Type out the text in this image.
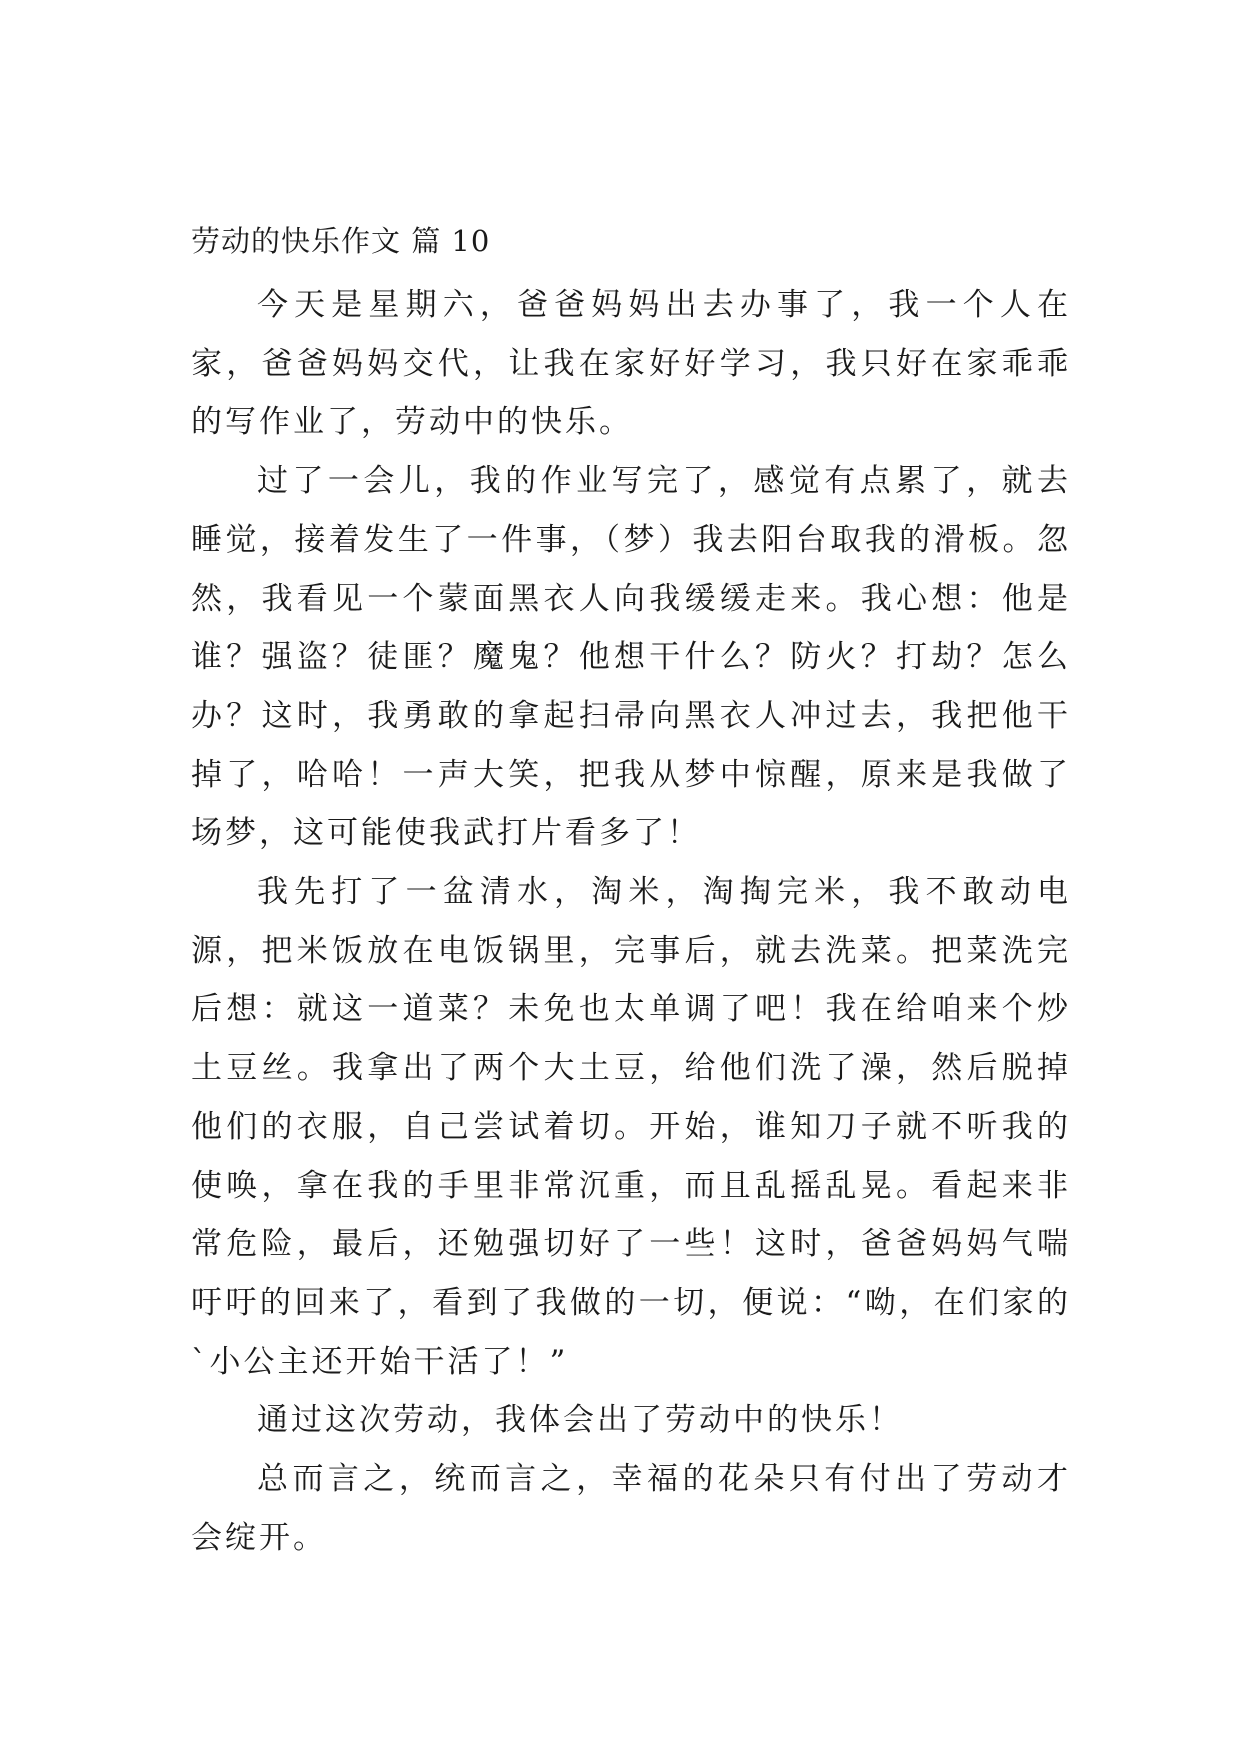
劳动的快乐作文 篇 10

今天是星期六，爸爸妈妈出去办事了，我一个人在家，爸爸妈妈交代，让我在家好好学习，我只好在家乖乖的写作业了，劳动中的快乐。

过了一会儿，我的作业写完了，感觉有点累了，就去睡觉，接着发生了一件事，（梦）我去阳台取我的滑板。忽然，我看见一个蒙面黑衣人向我缓缓走来。我心想：他是谁？强盗？徒匪？魔鬼？他想干什么？防火？打劫？怎么办？这时，我勇敢的拿起扫帚向黑衣人冲过去，我把他干掉了，哈哈！一声大笑，把我从梦中惊醒，原来是我做了场梦，这可能使我武打片看多了！

我先打了一盆清水，淘米，淘掏完米，我不敢动电源，把米饭放在电饭锅里，完事后，就去洗菜。把菜洗完后想：就这一道菜？未免也太单调了吧！我在给咱来个炒土豆丝。我拿出了两个大土豆，给他们洗了澡，然后脱掉他们的衣服，自己尝试着切。开始，谁知刀子就不听我的使唤，拿在我的手里非常沉重，而且乱摇乱晃。看起来非常危险，最后，还勉强切好了一些！这时，爸爸妈妈气喘吁吁的回来了，看到了我做的一切，便说：“呦，在们家的`小公主还开始干活了！”

通过这次劳动，我体会出了劳动中的快乐！

总而言之，统而言之，幸福的花朵只有付出了劳动才会绽开。
